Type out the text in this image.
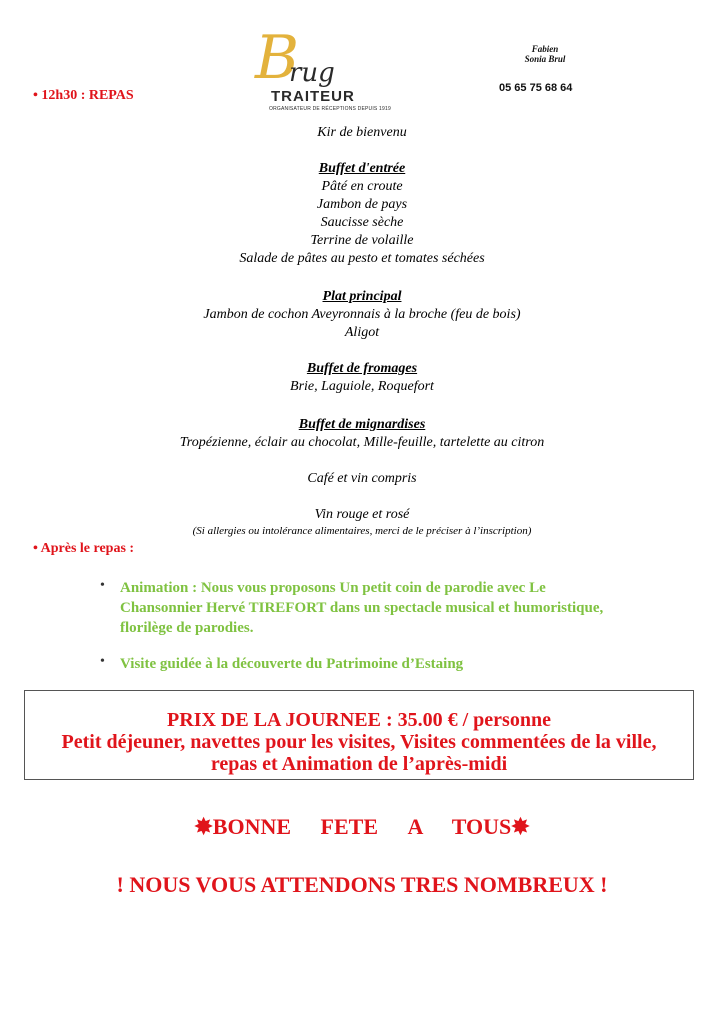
• 12h30 : REPAS
B
rug
TRAITEUR
ORGANISATEUR DE RÉCEPTIONS DEPUIS 1919
Fabien
Sonia Brul
05 65 75 68 64
Kir de bienvenu
Buffet d'entrée
Pâté en croute
Jambon de pays
Saucisse sèche
Terrine de volaille
Salade de pâtes au pesto et tomates séchées
Plat principal
Jambon de cochon Aveyronnais à la broche (feu de bois)
Aligot
Buffet de fromages
Brie, Laguiole, Roquefort
Buffet de mignardises
Tropézienne, éclair au chocolat, Mille-feuille, tartelette au citron
Café et vin compris
Vin rouge et rosé
(Si allergies ou intolérance alimentaires, merci de le préciser à l’inscription)
• Après le repas :
• Animation : Nous vous proposons Un petit coin de parodie avec Le
Chansonnier Hervé TIREFORT dans un spectacle musical et humoristique,
florilège de parodies.
• Visite guidée à la découverte du Patrimoine d’Estaing
PRIX DE LA JOURNEE : 35.00 € / personne
Petit déjeuner, navettes pour les visites, Visites commentées de la ville,
repas et Animation de l’après-midi
✸BONNE FETE A TOUS✸
! NOUS VOUS ATTENDONS TRES NOMBREUX !
